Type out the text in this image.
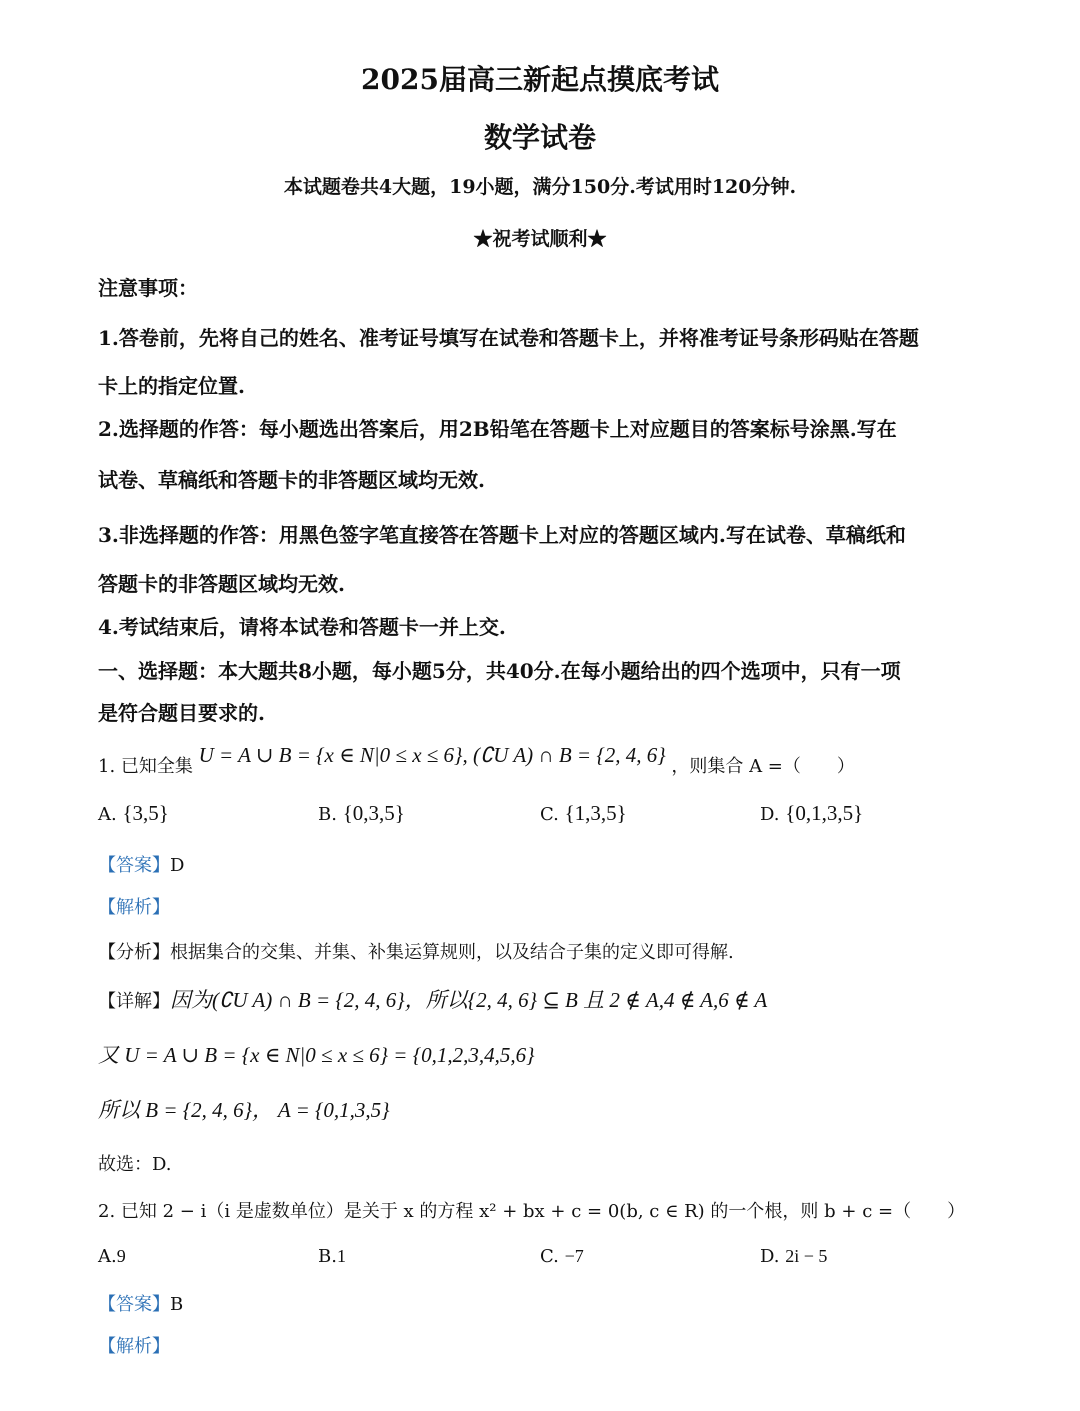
2025届高三新起点摸底考试
数学试卷
本试题卷共4大题，19小题，满分150分.考试用时120分钟.
★祝考试顺利★
注意事项：
1.答卷前，先将自己的姓名、准考证号填写在试卷和答题卡上，并将准考证号条形码贴在答题
卡上的指定位置.
2.选择题的作答：每小题选出答案后，用2B铅笔在答题卡上对应题目的答案标号涂黑.写在
试卷、草稿纸和答题卡的非答题区域均无效.
3.非选择题的作答：用黑色签字笔直接答在答题卡上对应的答题区域内.写在试卷、草稿纸和
答题卡的非答题区域均无效.
4.考试结束后，请将本试卷和答题卡一并上交.
一、选择题：本大题共8小题，每小题5分，共40分.在每小题给出的四个选项中，只有一项
是符合题目要求的.
1. 已知全集 U = A ∪ B = {x ∈ N|0 ≤ x ≤ 6}, (∁U A) ∩ B = {2, 4, 6} ，则集合 A =（　　）
A. {3,5}	B. {0,3,5}	C. {1,3,5}	D. {0,1,3,5}
【答案】D
【解析】
【分析】根据集合的交集、并集、补集运算规则，以及结合子集的定义即可得解.
【详解】因为(∁U A) ∩ B = {2, 4, 6}，所以{2, 4, 6} ⊆ B 且 2 ∉ A,4 ∉ A,6 ∉ A
又 U = A ∪ B = {x ∈ N|0 ≤ x ≤ 6} = {0,1,2,3,4,5,6}
所以 B = {2, 4, 6}， A = {0,1,3,5}
故选：D.
2. 已知 2 − i（i 是虚数单位）是关于 x 的方程 x² + bx + c = 0(b, c ∈ R) 的一个根，则 b + c =（　　）
A.9	B.1	C. −7	D. 2i − 5
【答案】B
【解析】
